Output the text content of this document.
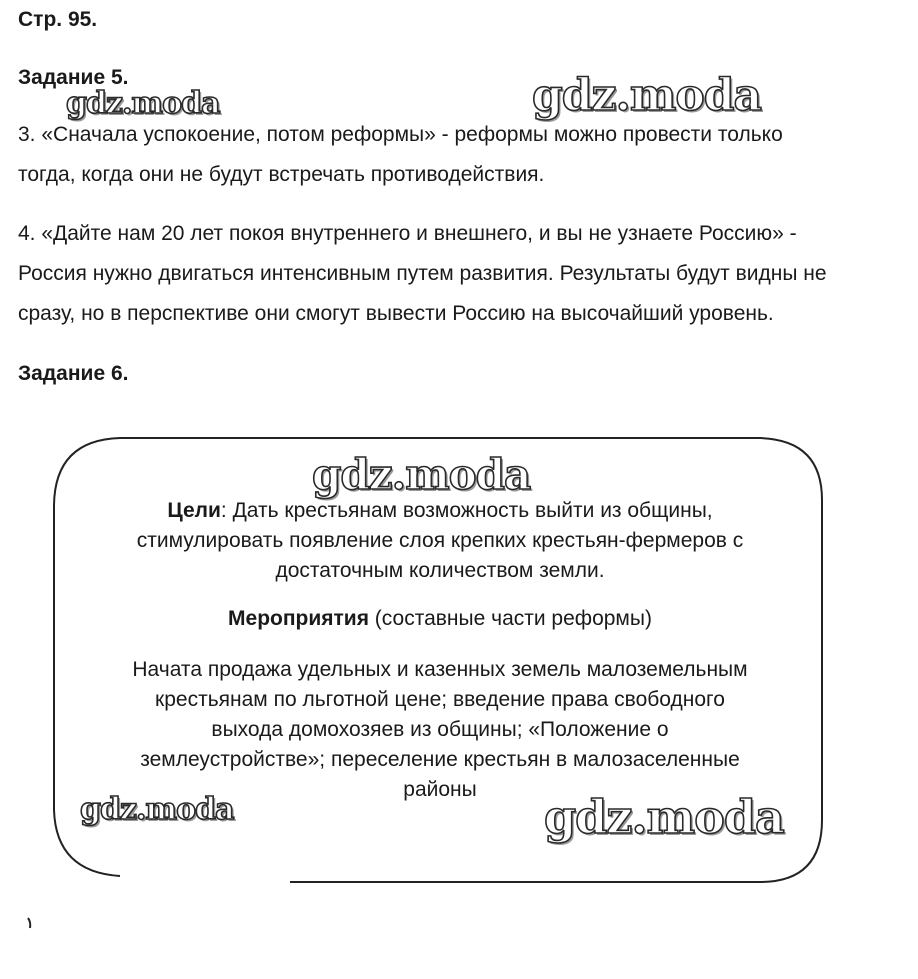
Стр. 95.
Задание 5.
3. «Сначала успокоение, потом реформы» - реформы можно провести только
тогда, когда они не будут встречать противодействия.
4. «Дайте нам 20 лет покоя внутреннего и внешнего, и вы не узнаете Россию» -
Россия нужно двигаться интенсивным путем развития. Результаты будут видны не
сразу, но в перспективе они смогут вывести Россию на высочайший уровень.
Задание 6.
Цели: Дать крестьянам возможность выйти из общины,
стимулировать появление слоя крепких крестьян-фермеров с
достаточным количеством земли.
Мероприятия (составные части реформы)
Начата продажа удельных и казенных земель малоземельным
крестьянам по льготной цене; введение права свободного
выхода домохозяев из общины; «Положение о
землеустройстве»; переселение крестьян в малозаселенные
районы
gdz.moda	gdz.moda
gdz.moda
gdz.moda	gdz.moda
